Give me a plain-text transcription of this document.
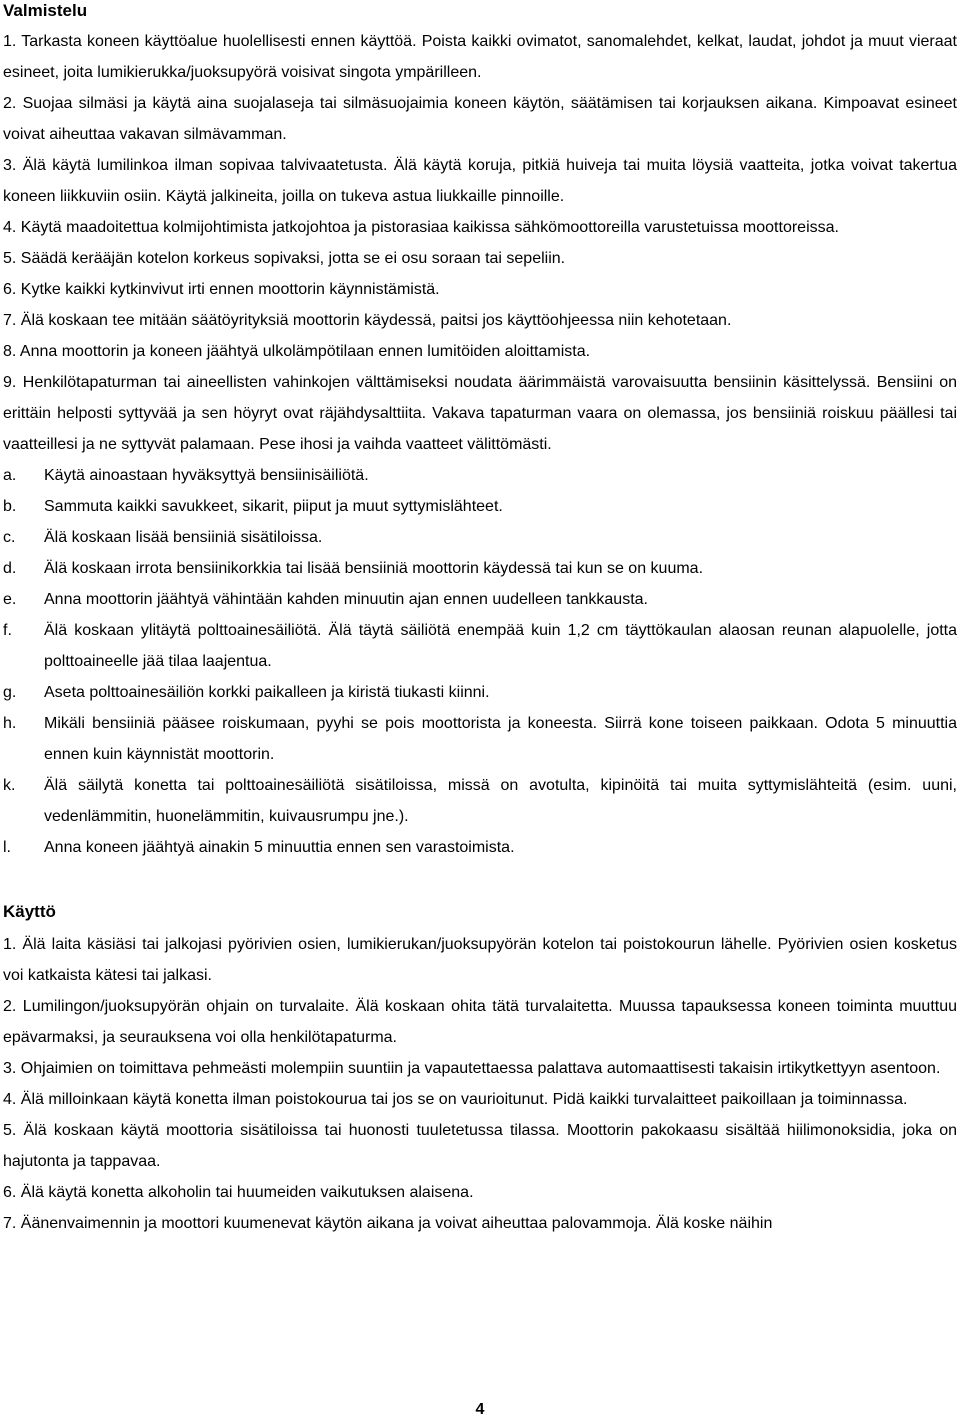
Valmistelu
1. Tarkasta koneen käyttöalue huolellisesti ennen käyttöä. Poista kaikki ovimatot, sanomalehdet, kelkat, laudat, johdot ja muut vieraat esineet, joita lumikierukka/juoksupyörä voisivat singota ympärilleen.
2. Suojaa silmäsi ja käytä aina suojalaseja tai silmäsuojaimia koneen käytön, säätämisen tai korjauksen aikana. Kimpoavat esineet voivat aiheuttaa vakavan silmävamman.
3. Älä käytä lumilinkoa ilman sopivaa talvivaatetusta. Älä käytä koruja, pitkiä huiveja tai muita löysiä vaatteita, jotka voivat takertua koneen liikkuviin osiin. Käytä jalkineita, joilla on tukeva astua liukkaille pinnoille.
4. Käytä maadoitettua kolmijohtimista jatkojohtoa ja pistorasiaa kaikissa sähkömoottoreilla varustetuissa moottoreissa.
5. Säädä kerääjän kotelon korkeus sopivaksi, jotta se ei osu soraan tai sepeliin.
6. Kytke kaikki kytkinvivut irti ennen moottorin käynnistämistä.
7. Älä koskaan tee mitään säätöyrityksiä moottorin käydessä, paitsi jos käyttöohjeessa niin kehotetaan.
8. Anna moottorin ja koneen jäähtyä ulkolämpötilaan ennen lumitöiden aloittamista.
9. Henkilötapaturman tai aineellisten vahinkojen välttämiseksi noudata äärimmäistä varovaisuutta bensiinin käsittelyssä. Bensiini on erittäin helposti syttyvää ja sen höyryt ovat räjähdysalttiita. Vakava tapaturman vaara on olemassa, jos bensiiniä roiskuu päällesi tai vaatteillesi ja ne syttyvät palamaan. Pese ihosi ja vaihda vaatteet välittömästi.
a.	Käytä ainoastaan hyväksyttyä bensiinisäiliötä.
b.	Sammuta kaikki savukkeet, sikarit, piiput ja muut syttymislähteet.
c.	Älä koskaan lisää bensiiniä sisätiloissa.
d.	Älä koskaan irrota bensiinikorkkia tai lisää bensiiniä moottorin käydessä tai kun se on kuuma.
e.	Anna moottorin jäähtyä vähintään kahden minuutin ajan ennen uudelleen tankkausta.
f.	Älä koskaan ylitäytä polttoainesäiliötä. Älä täytä säiliötä enempää kuin 1,2 cm täyttökaulan alaosan reunan alapuolelle, jotta polttoaineelle jää tilaa laajentua.
g.	Aseta polttoainesäiliön korkki paikalleen ja kiristä tiukasti kiinni.
h.	Mikäli bensiiniä pääsee roiskumaan, pyyhi se pois moottorista ja koneesta. Siirrä kone toiseen paikkaan. Odota 5 minuuttia ennen kuin käynnistät moottorin.
k.	Älä säilytä konetta tai polttoainesäiliötä sisätiloissa, missä on avotulta, kipinöitä tai muita syttymislähteitä (esim. uuni, vedenlämmitin, huonelämmitin, kuivausrumpu jne.).
l.	Anna koneen jäähtyä ainakin 5 minuuttia ennen sen varastoimista.
Käyttö
1. Älä laita käsiäsi tai jalkojasi pyörivien osien, lumikierukan/juoksupyörän kotelon tai poistokourun lähelle. Pyörivien osien kosketus voi katkaista kätesi tai jalkasi.
2. Lumilingon/juoksupyörän ohjain on turvalaite. Älä koskaan ohita tätä turvalaitetta. Muussa tapauksessa koneen toiminta muuttuu epävarmaksi, ja seurauksena voi olla henkilötapaturma.
3. Ohjaimien on toimittava pehmeästi molempiin suuntiin ja vapautettaessa palattava automaattisesti takaisin irtikytkettyyn asentoon.
4. Älä milloinkaan käytä konetta ilman poistokourua tai jos se on vaurioitunut. Pidä kaikki turvalaitteet paikoillaan ja toiminnassa.
5. Älä koskaan käytä moottoria sisätiloissa tai huonosti tuuletetussa tilassa. Moottorin pakokaasu sisältää hiilimonoksidia, joka on hajutonta ja tappavaa.
6. Älä käytä konetta alkoholin tai huumeiden vaikutuksen alaisena.
7. Äänenvaimennin ja moottori kuumenevat käytön aikana ja voivat aiheuttaa palovammoja. Älä koske näihin
4
